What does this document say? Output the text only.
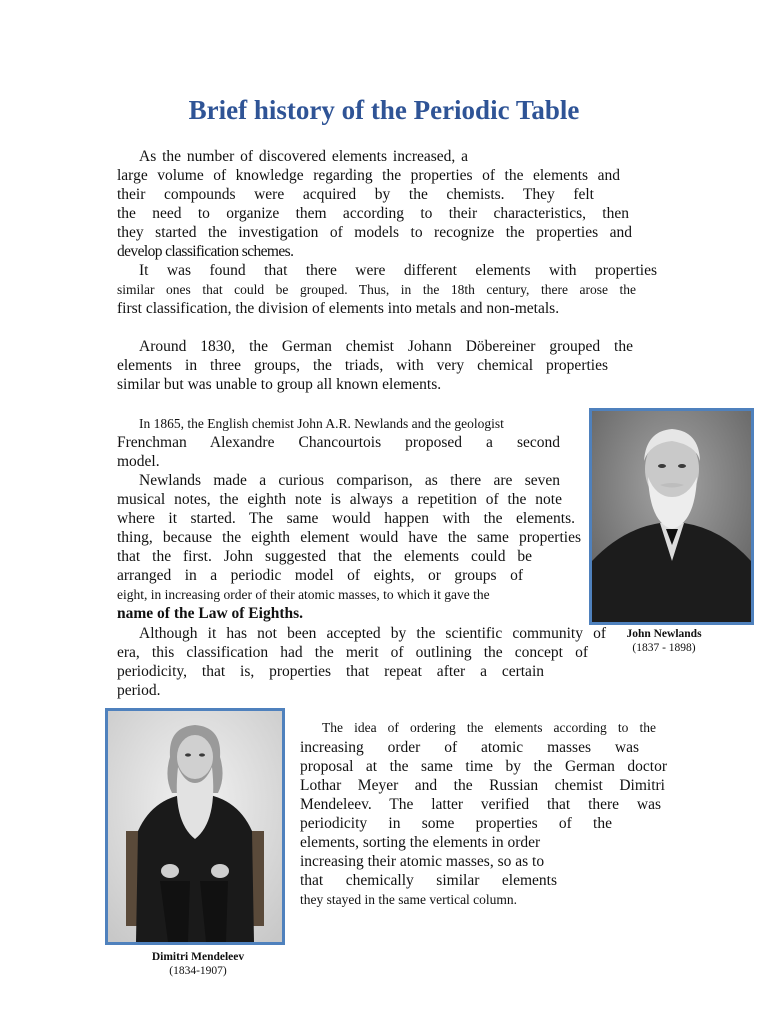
Brief history of the Periodic Table

As the number of discovered elements increased, a

large volume of knowledge regarding the properties of the elements and

their compounds were acquired by the chemists. They felt

the need to organize them according to their characteristics, then

they started the investigation of models to recognize the properties and

develop classification schemes.

It was found that there were different elements with properties

similar ones that could be grouped. Thus, in the 18th century, there arose the

first classification, the division of elements into metals and non-metals.

Around 1830, the German chemist Johann Döbereiner grouped the

elements in three groups, the triads, with very chemical properties

similar but was unable to group all known elements.

In 1865, the English chemist John A.R. Newlands and the geologist

Frenchman Alexandre Chancourtois proposed a second

model.

Newlands made a curious comparison, as there are seven

musical notes, the eighth note is always a repetition of the note

where it started. The same would happen with the elements.

thing, because the eighth element would have the same properties

that the first. John suggested that the elements could be

arranged in a periodic model of eights, or groups of

eight, in increasing order of their atomic masses, to which it gave the

name of the Law of Eighths.

Although it has not been accepted by the scientific community of

era, this classification had the merit of outlining the concept of

periodicity, that is, properties that repeat after a certain

period.

The idea of ordering the elements according to the

increasing order of atomic masses was

proposal at the same time by the German doctor

Lothar Meyer and the Russian chemist Dimitri

Mendeleev. The latter verified that there was

periodicity in some properties of the

elements, sorting the elements in order

increasing their atomic masses, so as to

that chemically similar elements

they stayed in the same vertical column.

John Newlands
(1837 - 1898)
Dimitri Mendeleev
(1834-1907)
